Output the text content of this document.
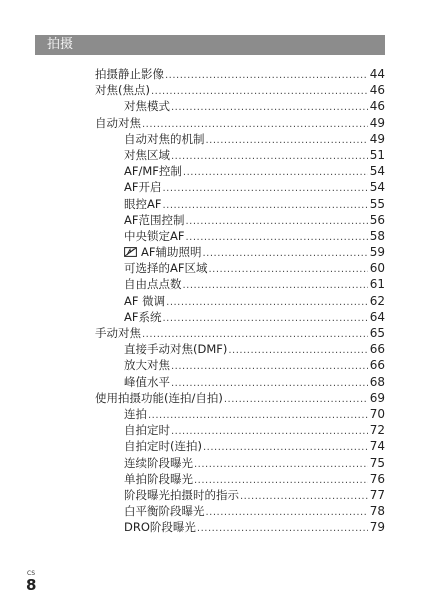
拍摄
拍摄静止影像 .....	44
对焦(焦点) .....	46
对焦模式 .....	46
自动对焦 .....	49
自动对焦的机制 .....	49
对焦区域 .....	51
AF/MF控制 .....	54
AF开启 .....	54
眼控AF .....	55
AF范围控制 .....	56
中央锁定AF .....	58
AF辅助照明 .....	59
可选择的AF区域 .....	60
自由点点数 .....	61
AF 微调 .....	62
AF系统 .....	64
手动对焦 .....	65
直接手动对焦(DMF) .....	66
放大对焦 .....	66
峰值水平 .....	68
使用拍摄功能(连拍/自拍) .....	69
连拍 .....	70
自拍定时 .....	72
自拍定时(连拍) .....	74
连续阶段曝光 .....	75
单拍阶段曝光 .....	76
阶段曝光拍摄时的指示 .....	77
白平衡阶段曝光 .....	78
DRO阶段曝光 .....	79
CS
8
